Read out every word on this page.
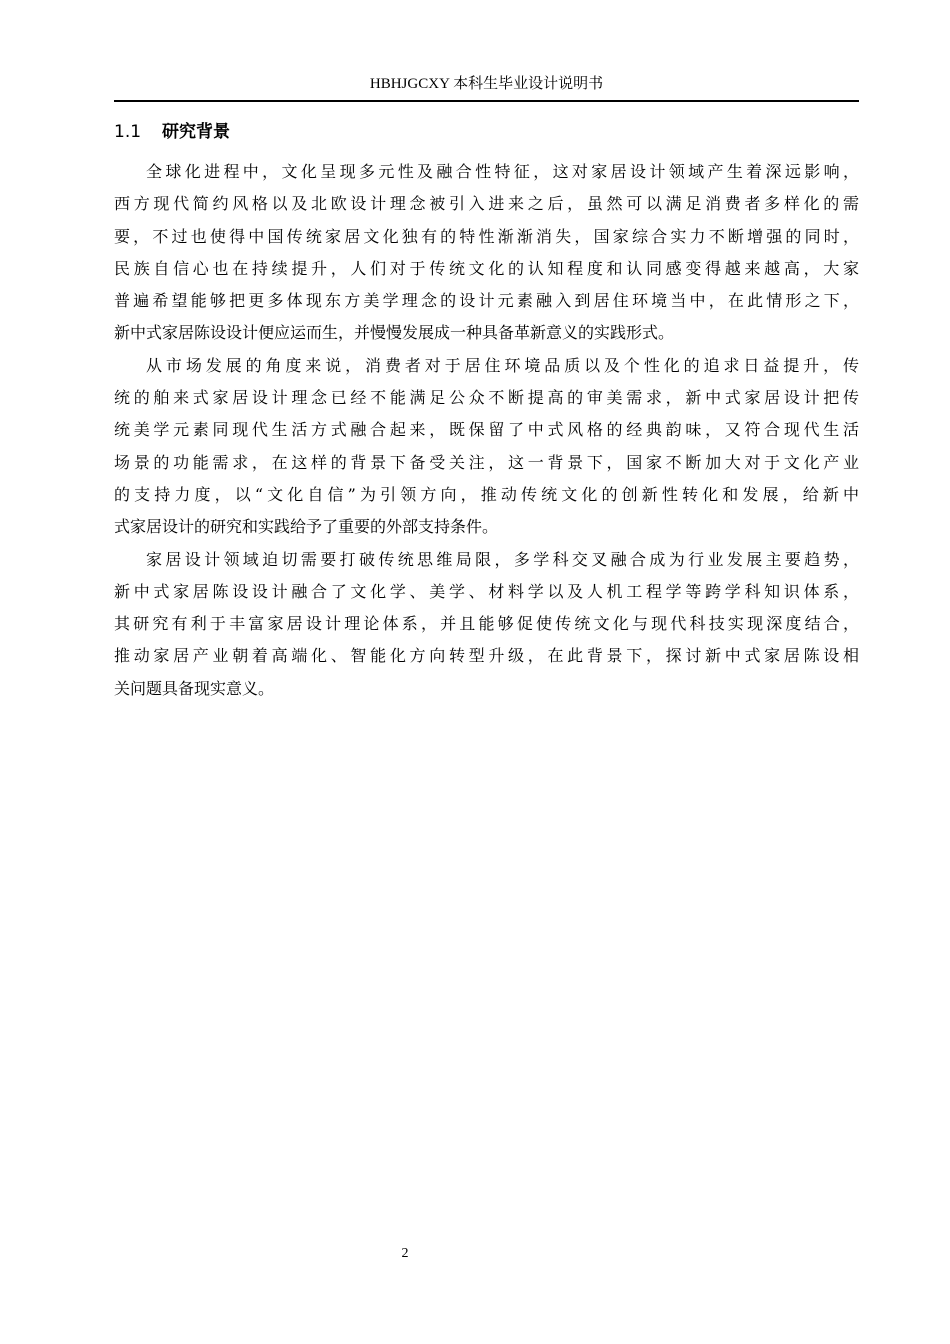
HBHJGCXY 本科生毕业设计说明书
1.1 研究背景
全球化进程中，文化呈现多元性及融合性特征，这对家居设计领域产生着深远影响，
西方现代简约风格以及北欧设计理念被引入进来之后，虽然可以满足消费者多样化的需
要，不过也使得中国传统家居文化独有的特性渐渐消失，国家综合实力不断增强的同时，
民族自信心也在持续提升，人们对于传统文化的认知程度和认同感变得越来越高，大家
普遍希望能够把更多体现东方美学理念的设计元素融入到居住环境当中，在此情形之下，
新中式家居陈设设计便应运而生，并慢慢发展成一种具备革新意义的实践形式。
从市场发展的角度来说，消费者对于居住环境品质以及个性化的追求日益提升，传
统的舶来式家居设计理念已经不能满足公众不断提高的审美需求，新中式家居设计把传
统美学元素同现代生活方式融合起来，既保留了中式风格的经典韵味，又符合现代生活
场景的功能需求，在这样的背景下备受关注，这一背景下，国家不断加大对于文化产业
的支持力度，以“文化自信”为引领方向，推动传统文化的创新性转化和发展，给新中
式家居设计的研究和实践给予了重要的外部支持条件。
家居设计领域迫切需要打破传统思维局限，多学科交叉融合成为行业发展主要趋势，
新中式家居陈设设计融合了文化学、美学、材料学以及人机工程学等跨学科知识体系，
其研究有利于丰富家居设计理论体系，并且能够促使传统文化与现代科技实现深度结合，
推动家居产业朝着高端化、智能化方向转型升级，在此背景下，探讨新中式家居陈设相
关问题具备现实意义。
2
